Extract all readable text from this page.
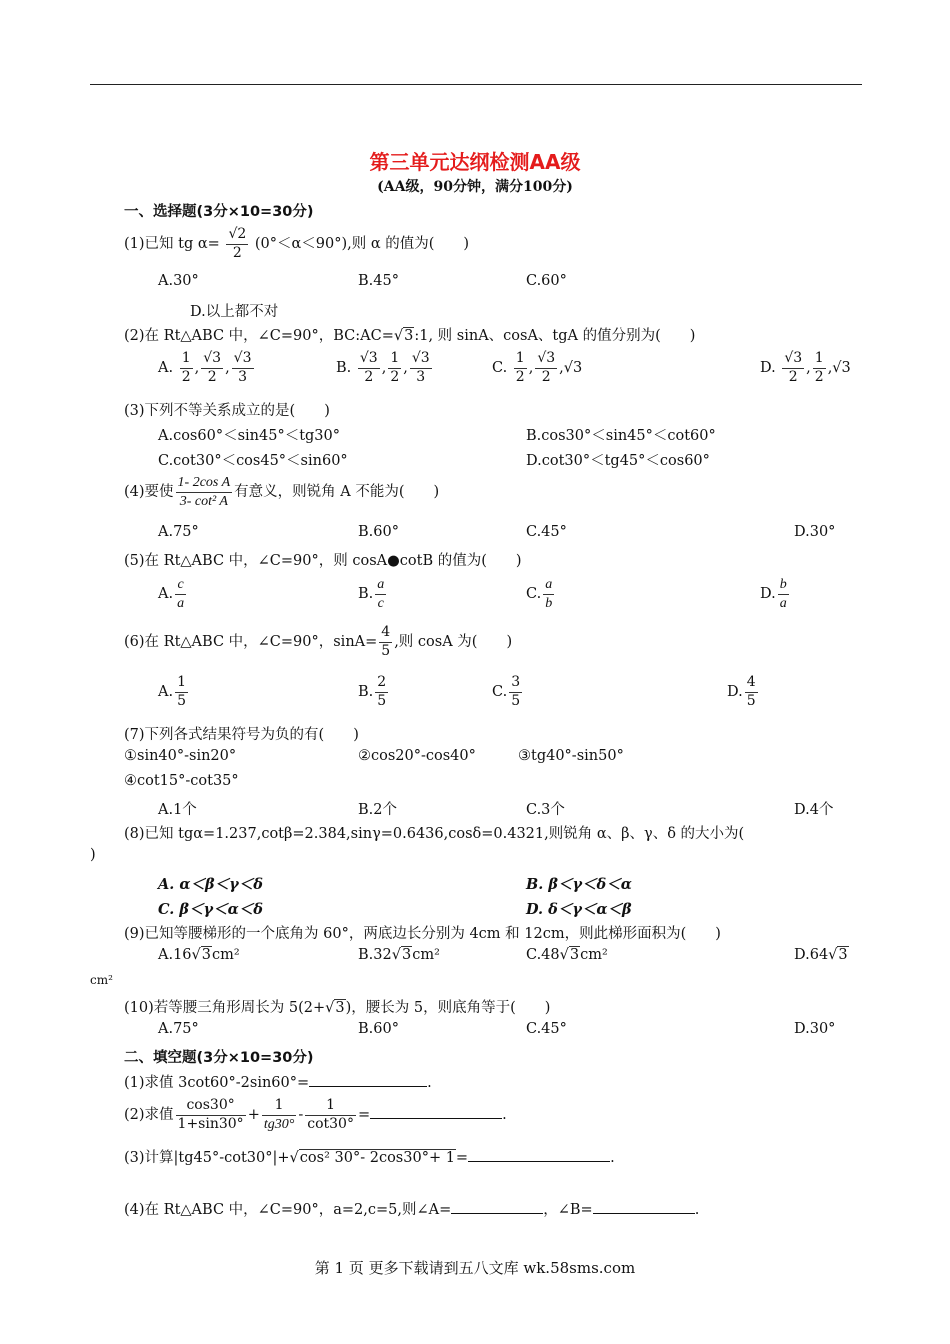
第三单元达纲检测AA级
(AA级，90分钟，满分100分)
一、选择题(3分×10=30分)
(1)已知 tg $\alpha= \frac{√2}{2} (0^\circ<\alpha<90^\circ)$,则 α 的值为(　　)
A.30°	B.45°	C.60°
D.以上都不对
(2)在 Rt△ABC 中，∠C=90°，BC:AC=√3:1, 则 sinA、cosA、tgA 的值分别为(　　)
A. $\frac{1}{2}$ , $\frac{√3}{2}$ , $\frac{√3}{3}$	B. $\frac{√3}{2}$ , $\frac{1}{2}$ , $\frac{√3}{3}$	C. $\frac{1}{2}$ , $\frac{√3}{2} ,√3$	D. $\frac{√3}{2}$ , $\frac{1}{2} ,√3$
(3)下列不等关系成立的是(　　)
A.cos60°＜sin45°＜tg30°	B.cos30°＜sin45°＜cot60°
C.cot30°＜cos45°＜sin60°	D.cot30°＜tg45°＜cos60°
(4)要使 $\frac{\text{1- 2cos A}}{\text{3- cot² A}}$ 有意义，则锐角 A 不能为(　　)
A.75°	B.60°	C.45°	D.30°
(5)在 Rt△ABC 中，∠C=90°，则 cosA●cotB 的值为(　　)
A. $\frac{c}{a}$	B. $\frac{a}{c}$	C. $\frac{a}{b}$	D. $\frac{b}{a}$
(6)在 Rt△ABC 中，∠C=90°，$\sin A= \frac{4}{5}$ ,则 cosA 为(　　)
A. $\frac{1}{5}$	B. $\frac{2}{5}$	C. $\frac{3}{5}$	D. $\frac{4}{5}$
(7)下列各式结果符号为负的有(　　)
①sin40°-sin20°	②cos20°-cos40°	③tg40°-sin50°
④cot15°-cot35°
A.1个	B.2个	C.3个	D.4个
(8)已知 tgα=1.237,cotβ=2.384,sinγ=0.6436,cosδ=0.4321,则锐角 α、β、γ、δ 的大小为(
)
A. α＜β＜γ＜δ	B. β＜γ＜δ＜α
C. β＜γ＜α＜δ	D. δ＜γ＜α＜β
(9)已知等腰梯形的一个底角为 60°，两底边长分别为 4cm 和 12cm，则此梯形面积为(　　)
A.16√3cm²	B.32√3cm²	C.48√3cm²	D.64√3
cm²
(10)若等腰三角形周长为 5(2+√3)，腰长为 5，则底角等于(　　)
A.75°	B.60°	C.45°	D.30°
二、填空题(3分×10=30分)
(1)求值 3cot60°-2sin60°=	.
(2)求值 $\frac{\cos 30^\circ}{1+\sin 30^\circ} + \frac{1}{tg30^\circ} - \frac{1}{\cot 30^\circ}$ =	.
(3)计算|tg45°-cot30°|+√cos² 30°- 2cos30°+ 1=	.
(4)在 Rt△ABC 中，∠C=90°，a=2,c=5,则∠A=	，∠B=	.
第 1 页 更多下载请到五八文库 wk.58sms.com
